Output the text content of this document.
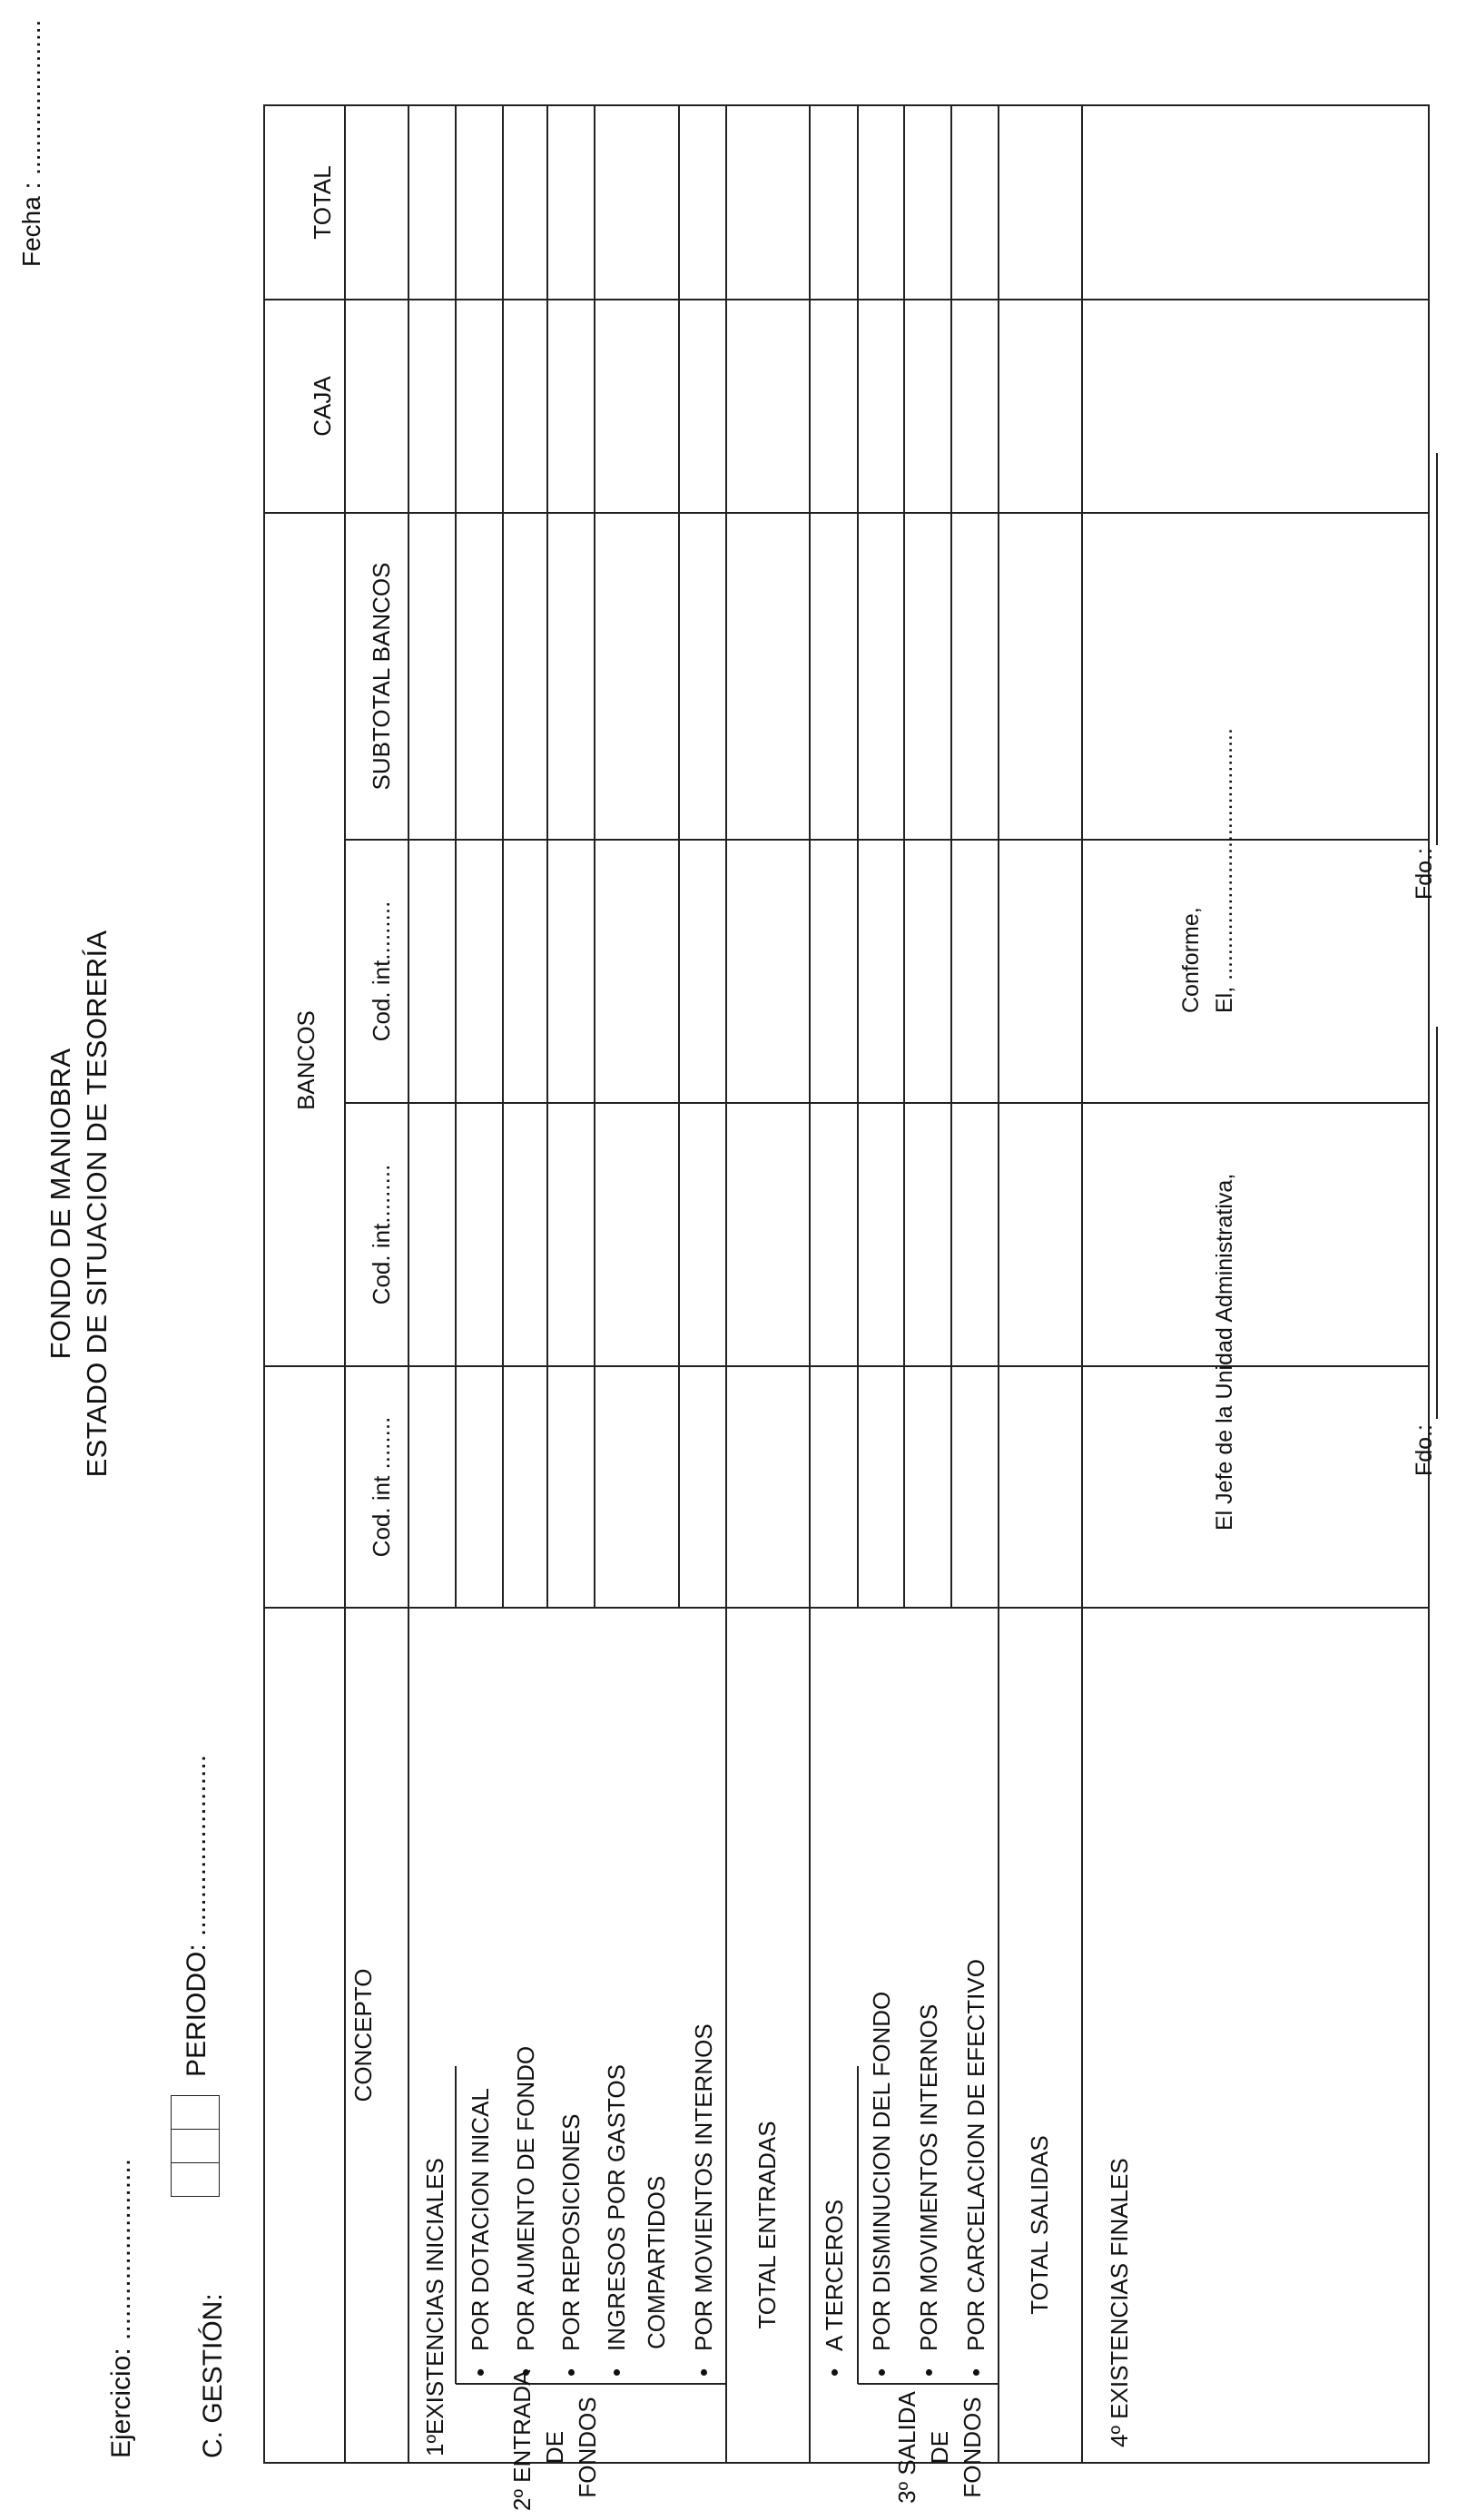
FONDO DE MANIOBRA ESTADO DE SITUACION DE TESORERÍA
Ejercicio: ........................
Fecha : ......................
C. GESTIÓN:
PERIODO: ........................	CONCEPTO
BANCOS
Cod. int ........
Cod. int.........
Cod. int.........
SUBTOTAL BANCOS
CAJA
TOTAL
1ºEXISTENCIAS INICIALES	2º ENTRADA DE FONDOS
• POR DOTACION INICAL • POR AUMENTO DE FONDO • POR REPOSICIONES • INGRESOS POR GASTOS COMPARTIDOS • POR MOVIENTOS INTERNOS TOTAL ENTRADAS
3º SALIDA DE FONDOS
• A TERCEROS • POR DISMINUCION DEL FONDO • POR MOVIMENTOS INTERNOS • POR CARCELACION DE EFECTIVO TOTAL SALIDAS 4º EXISTENCIAS FINALES
El Jefe de la Unidad Administrativa,
Conforme, El, ........................................
Fdo.:
Fdo.:
